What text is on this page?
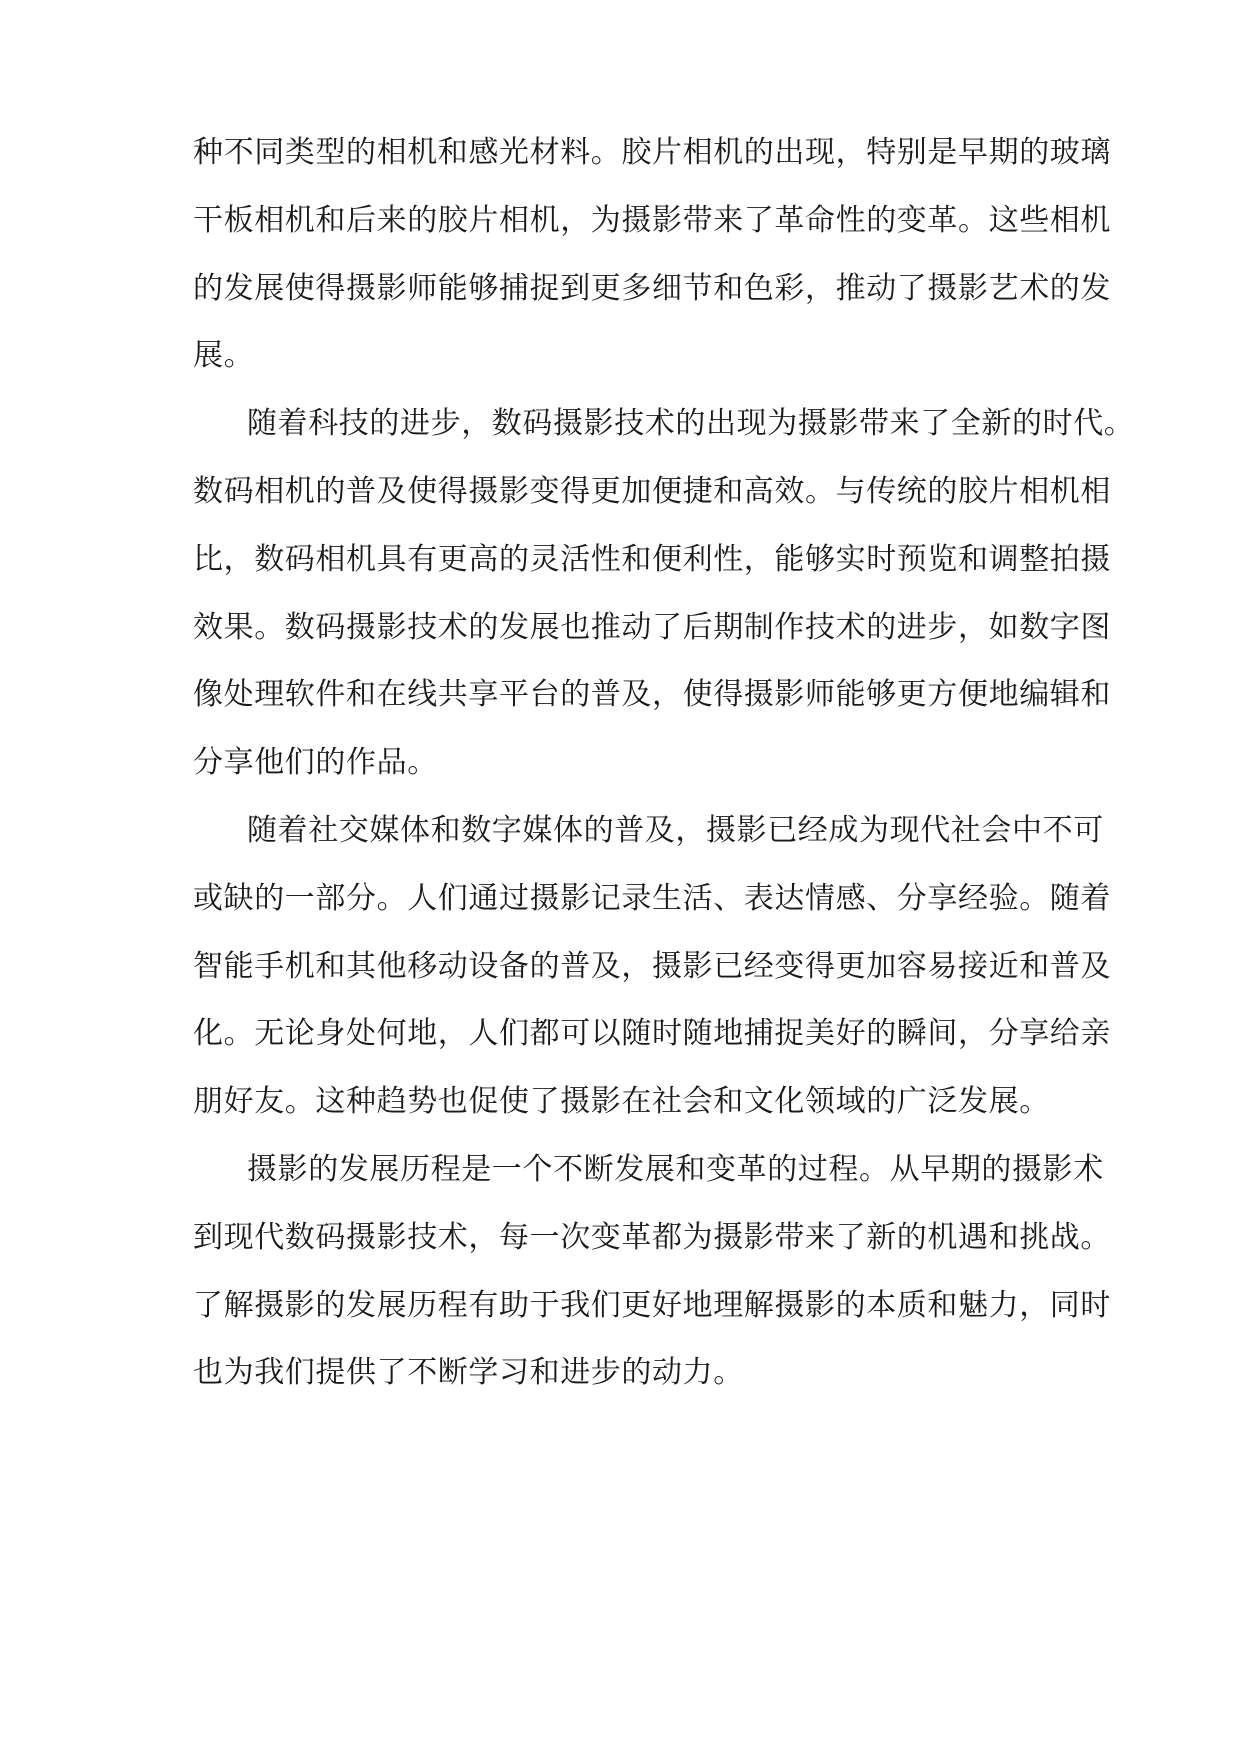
种不同类型的相机和感光材料。胶片相机的出现，特别是早期的玻璃
干板相机和后来的胶片相机，为摄影带来了革命性的变革。这些相机
的发展使得摄影师能够捕捉到更多细节和色彩，推动了摄影艺术的发
展。
随着科技的进步，数码摄影技术的出现为摄影带来了全新的时代。
数码相机的普及使得摄影变得更加便捷和高效。与传统的胶片相机相
比，数码相机具有更高的灵活性和便利性，能够实时预览和调整拍摄
效果。数码摄影技术的发展也推动了后期制作技术的进步，如数字图
像处理软件和在线共享平台的普及，使得摄影师能够更方便地编辑和
分享他们的作品。
随着社交媒体和数字媒体的普及，摄影已经成为现代社会中不可
或缺的一部分。人们通过摄影记录生活、表达情感、分享经验。随着
智能手机和其他移动设备的普及，摄影已经变得更加容易接近和普及
化。无论身处何地，人们都可以随时随地捕捉美好的瞬间，分享给亲
朋好友。这种趋势也促使了摄影在社会和文化领域的广泛发展。
摄影的发展历程是一个不断发展和变革的过程。从早期的摄影术
到现代数码摄影技术，每一次变革都为摄影带来了新的机遇和挑战。
了解摄影的发展历程有助于我们更好地理解摄影的本质和魅力，同时
也为我们提供了不断学习和进步的动力。
